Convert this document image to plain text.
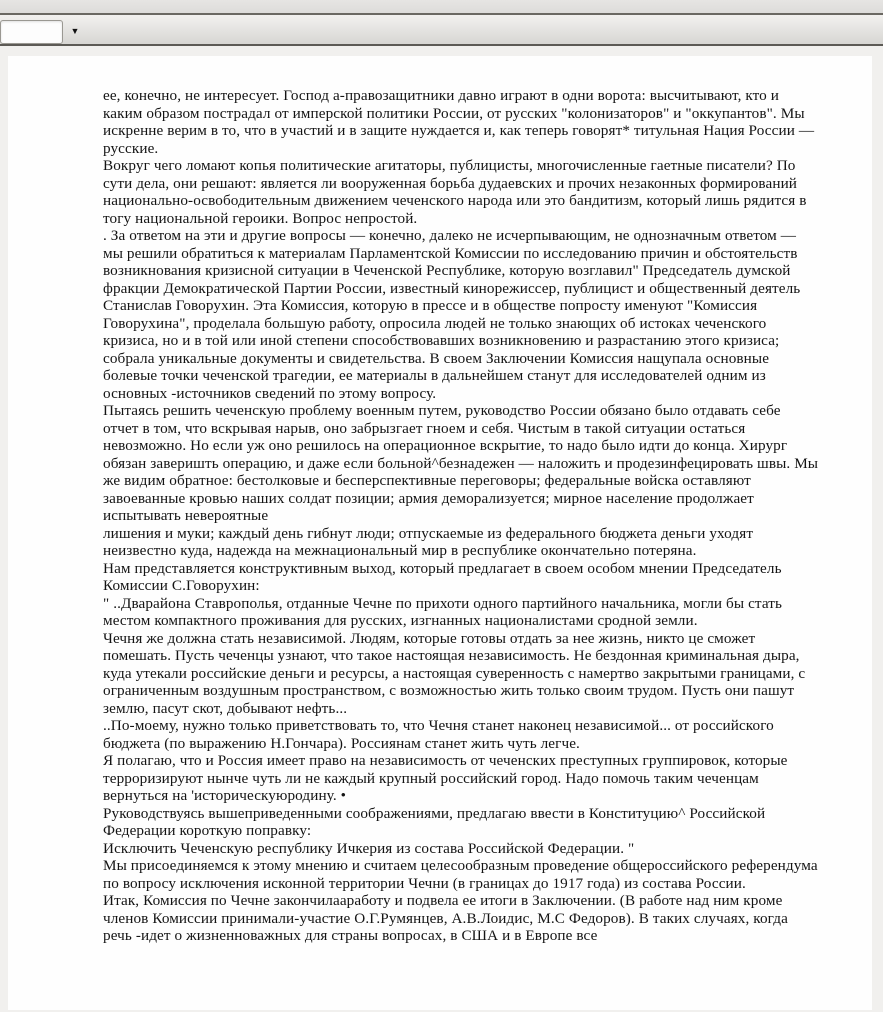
▼
ее, конечно, не интересует. Господ а-правозащитники давно играют в одни ворота: высчитывают, кто и
каким образом пострадал от имперской политики России, от русских "колонизаторов" и "оккупантов". Мы
искренне верим в то, что в участий и в защите нуждается и, как теперь говорят* титульная Нация России —
русские.
Вокруг чего ломают копья политические агитаторы, публицисты, многочисленные гаетные писатели? По
сути дела, они решают: является ли вооруженная борьба дудаевских и прочих незаконных формирований
национально-освободительным движением чеченского народа или это бандитизм, который лишь рядится в
тогу национальной героики. Вопрос непростой.
. За ответом на эти и другие вопросы — конечно, далеко не исчерпывающим, не однозначным ответом —
мы решили обратиться к материалам Парламентской Комиссии по исследованию причин и обстоятельств
возникнования кризисной ситуации в Чеченской Республике, которую возглавил" Председатель думской
фракции Демократической Партии России, известный кинорежиссер, публицист и общественный деятель
Станислав Говорухин. Эта Комиссия, которую в прессе и в обществе попросту именуют "Комиссия
Говорухина", проделала большую работу, опросила людей не только знающих об истоках чеченского
кризиса, но и в той или иной степени способствовавших возникновению и разрастанию этого кризиса;
собрала уникальные документы и свидетельства. В своем Заключении Комиссия нащупала основные
болевые точки чеченской трагедии, ее материалы в дальнейшем станут для исследователей одним из
основных -источников сведений по этому вопросу.
Пытаясь решить чеченскую проблему военным путем, руководство России обязано было отдавать себе
отчет в том, что вскрывая нарыв, оно забрызгает гноем и себя. Чистым в такой ситуации остаться
невозможно. Но если уж оно решилось на операционное вскрытие, то надо было идти до конца. Хирург
обязан заверишть операцию, и даже если больной^безнадежен — наложить и продезинфецировать швы. Мы
же видим обратное: бестолковые и бесперспективные переговоры; федеральные войска оставляют
завоеванные кровью наших солдат позиции; армия деморализуется; мирное население продолжает
испытывать невероятные
лишения и муки; каждый день гибнут люди; отпускаемые из федерального бюджета деньги уходят
неизвестно куда, надежда на межнациональный мир в республике окончательно потеряна.
Нам представляется конструктивным выход, который предлагает в своем особом мнении Председатель
Комиссии С.Говорухин:
" ..Дварайона Ставрополья, отданные Чечне по прихоти одного партийного начальника, могли бы стать
местом компактного проживания для русских, изгнанных националистами сродной земли.
Чечня же должна стать независимой. Людям, которые готовы отдать за нее жизнь, никто це сможет
помешать. Пусть чеченцы узнают, что такое настоящая независимость. Не бездонная криминальная дыра,
куда утекали российские деньги и ресурсы, а настоящая суверенность с намертво закрытыми границами, с
ограниченным воздушным пространством, с возможностью жить только своим трудом. Пусть они пашут
землю, пасут скот, добывают нефть...
..По-моему, нужно только приветствовать то, что Чечня станет наконец независимой... от российского
бюджета (по выражению Н.Гончара). Россиянам станет жить чуть легче.
Я полагаю, что и Россия имеет право на независимость от чеченских преступных группировок, которые
терроризируют нынче чуть ли не каждый крупный российский город. Надо помочь таким чеченцам
вернуться на 'историческуюродину. •
Руководствуясь вышеприведенными соображениями, предлагаю ввести в Конституцию^ Российской
Федерации короткую поправку:
Исключить Чеченскую республику Ичкерия из состава Российской Федерации. "
Мы присоединяемся к этому мнению и считаем целесообразным проведение общероссийского референдума
по вопросу исключения исконной территории Чечни (в границах до 1917 года) из состава России.
Итак, Комиссия по Чечне закончилааработу и подвела ее итоги в Заключении. (В работе над ним кроме
членов Комиссии принимали-участие О.Г.Румянцев, А.В.Лоидис, М.С Федоров). В таких случаях, когда
речь -идет о жизненноважных для страны вопросах, в США и в Европе все
